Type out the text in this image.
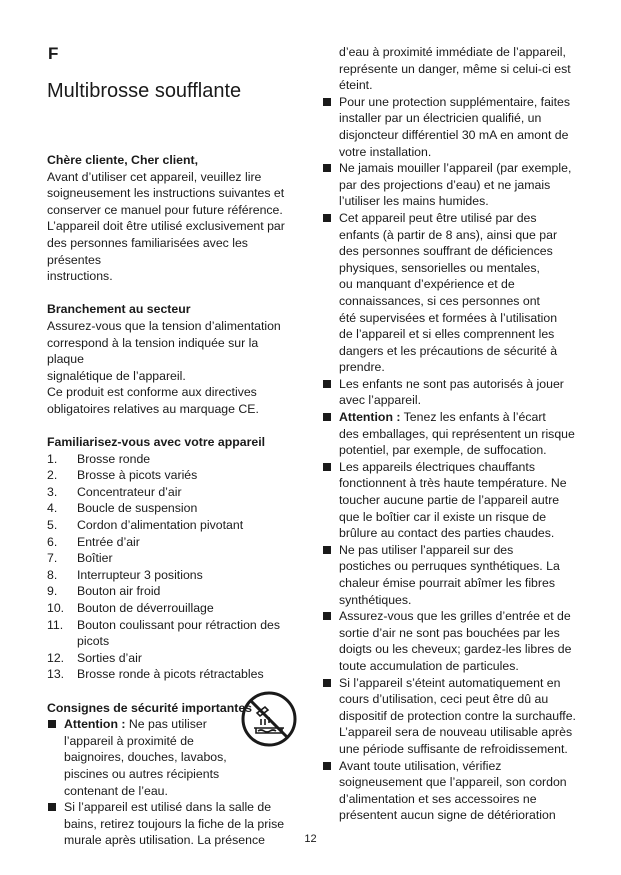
F
Multibrosse soufflante

Chère cliente, Cher client,

Avant d’utiliser cet appareil, veuillez lire

soigneusement les instructions suivantes et

conserver ce manuel pour future référence.

L’appareil doit être utilisé exclusivement par

des personnes familiarisées avec les présentes

instructions.

Branchement au secteur

Assurez-vous que la tension d’alimentation

correspond à la tension indiquée sur la plaque

signalétique de l’appareil.

Ce produit est conforme aux directives

obligatoires relatives au marquage CE.

Familiarisez-vous avec votre appareil

1.	Brosse ronde
2.	Brosse à picots variés
3.	Concentrateur d’air
4.	Boucle de suspension
5.	Cordon d’alimentation pivotant
6.	Entrée d’air
7.	Boîtier
8.	Interrupteur 3 positions
9.	Bouton air froid
10.	Bouton de déverrouillage
11.	Bouton coulissant pour rétraction des
picots
12.	Sorties d’air
13.	Brosse ronde à picots rétractables

Consignes de sécurité importantes

Attention : Ne pas utiliser
l’appareil à proximité de
baignoires, douches, lavabos,
piscines ou autres récipients
contenant de l’eau.
Si l’appareil est utilisé dans la salle de
bains, retirez toujours la fiche de la prise
murale après utilisation. La présence

d’eau à proximité immédiate de l’appareil,

représente un danger, même si celui-ci est

éteint.

Pour une protection supplémentaire, faites
installer par un électricien qualifié, un
disjoncteur différentiel 30 mA en amont de
votre installation.
Ne jamais mouiller l’appareil (par exemple,
par des projections d’eau) et ne jamais
l’utiliser les mains humides.
Cet appareil peut être utilisé par des
enfants (à partir de 8 ans), ainsi que par
des personnes souffrant de déficiences
physiques, sensorielles ou mentales,
ou manquant d’expérience et de
connaissances, si ces personnes ont
été supervisées et formées à l’utilisation
de l’appareil et si elles comprennent les
dangers et les précautions de sécurité à
prendre.
Les enfants ne sont pas autorisés à jouer
avec l’appareil.
Attention : Tenez les enfants à l’écart
des emballages, qui représentent un risque
potentiel, par exemple, de suffocation.
Les appareils électriques chauffants
fonctionnent à très haute température. Ne
toucher aucune partie de l’appareil autre
que le boîtier car il existe un risque de
brûlure au contact des parties chaudes.
Ne pas utiliser l’appareil sur des
postiches ou perruques synthétiques. La
chaleur émise pourrait abîmer les fibres
synthétiques.
Assurez-vous que les grilles d’entrée et de
sortie d’air ne sont pas bouchées par les
doigts ou les cheveux; gardez-les libres de
toute accumulation de particules.
Si l’appareil s’éteint automatiquement en
cours d’utilisation, ceci peut être dû au
dispositif de protection contre la surchauffe.
L’appareil sera de nouveau utilisable après
une période suffisante de refroidissement.
Avant toute utilisation, vérifiez
soigneusement que l’appareil, son cordon
d’alimentation et ses accessoires ne
présentent aucun signe de détérioration
12
